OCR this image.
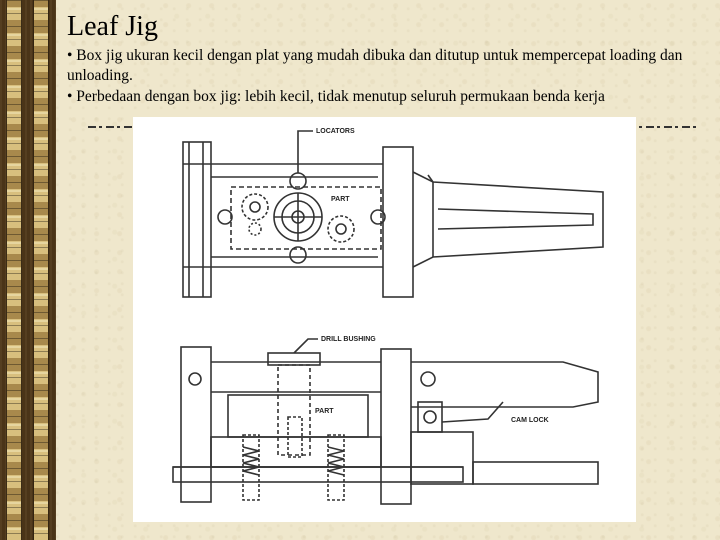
Leaf Jig

• Box jig ukuran kecil dengan plat yang mudah dibuka dan ditutup untuk mempercepat loading dan unloading.

• Perbedaan dengan box jig: lebih kecil, tidak menutup seluruh permukaan benda kerja

LOCATORS
PART
DRILL BUSHING
PART
CAM LOCK
